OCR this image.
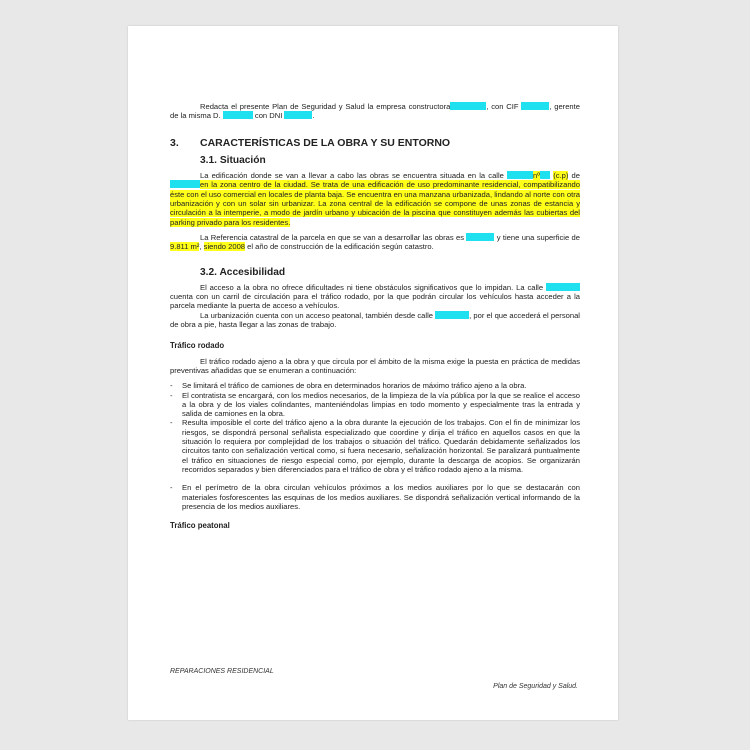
Redacta el presente Plan de Seguridad y Salud la empresa constructora	, con CIF	, gerente de la misma D.	con DNI	.

3. CARACTERÍSTICAS DE LA OBRA Y SU ENTORNO
3.1. Situación

La edificación donde se van a llevar a cabo las obras se encuentra situada en la calle	nº (c.p) de en la zona centro de la ciudad. Se trata de una edificación de uso predominante residencial, compatibilizando éste con el uso comercial en locales de planta baja. Se encuentra en una manzana urbanizada, lindando al norte con otra urbanización y con un solar sin urbanizar. La zona central de la edificación se compone de unas zonas de estancia y circulación a la intemperie, a modo de jardín urbano y ubicación de la piscina que constituyen además las cubiertas del parking privado para los residentes.

La Referencia catastral de la parcela en que se van a desarrollar las obras es	y tiene una superficie de 9.811 m², siendo 2008 el año de construcción de la edificación según catastro.

3.2. Accesibilidad

El acceso a la obra no ofrece dificultades ni tiene obstáculos significativos que lo impidan. La calle  cuenta con un carril de circulación para el tráfico rodado, por la que podrán circular los vehículos hasta acceder a la parcela mediante la puerta de acceso a vehículos.

La urbanización cuenta con un acceso peatonal, también desde calle	, por el que accederá el personal de obra a pie, hasta llegar a las zonas de trabajo.

Tráfico rodado

El tráfico rodado ajeno a la obra y que circula por el ámbito de la misma exige la puesta en práctica de medidas preventivas añadidas que se enumeran a continuación:

- Se limitará el tráfico de camiones de obra en determinados horarios de máximo tráfico ajeno a la obra.
- El contratista se encargará, con los medios necesarios, de la limpieza de la vía pública por la que se realice el acceso a la obra y de los viales colindantes, manteniéndolas limpias en todo momento y especialmente tras la entrada y salida de camiones en la obra.
- Resulta imposible el corte del tráfico ajeno a la obra durante la ejecución de los trabajos. Con el fin de minimizar los riesgos, se dispondrá personal señalista especializado que coordine y dirija el tráfico en aquellos casos en que la situación lo requiera por complejidad de los trabajos o situación del tráfico. Quedarán debidamente señalizados los circuitos tanto con señalización vertical como, si fuera necesario, señalización horizontal. Se paralizará puntualmente el tráfico en situaciones de riesgo especial como, por ejemplo, durante la descarga de acopios. Se organizarán recorridos separados y bien diferenciados para el tráfico de obra y el tráfico rodado ajeno a la misma.
- En el perímetro de la obra circulan vehículos próximos a los medios auxiliares por lo que se destacarán con materiales fosforescentes las esquinas de los medios auxiliares. Se dispondrá señalización vertical informando de la presencia de los medios auxiliares.
Tráfico peatonal
REPARACIONES RESIDENCIAL
Plan de Seguridad y Salud.
